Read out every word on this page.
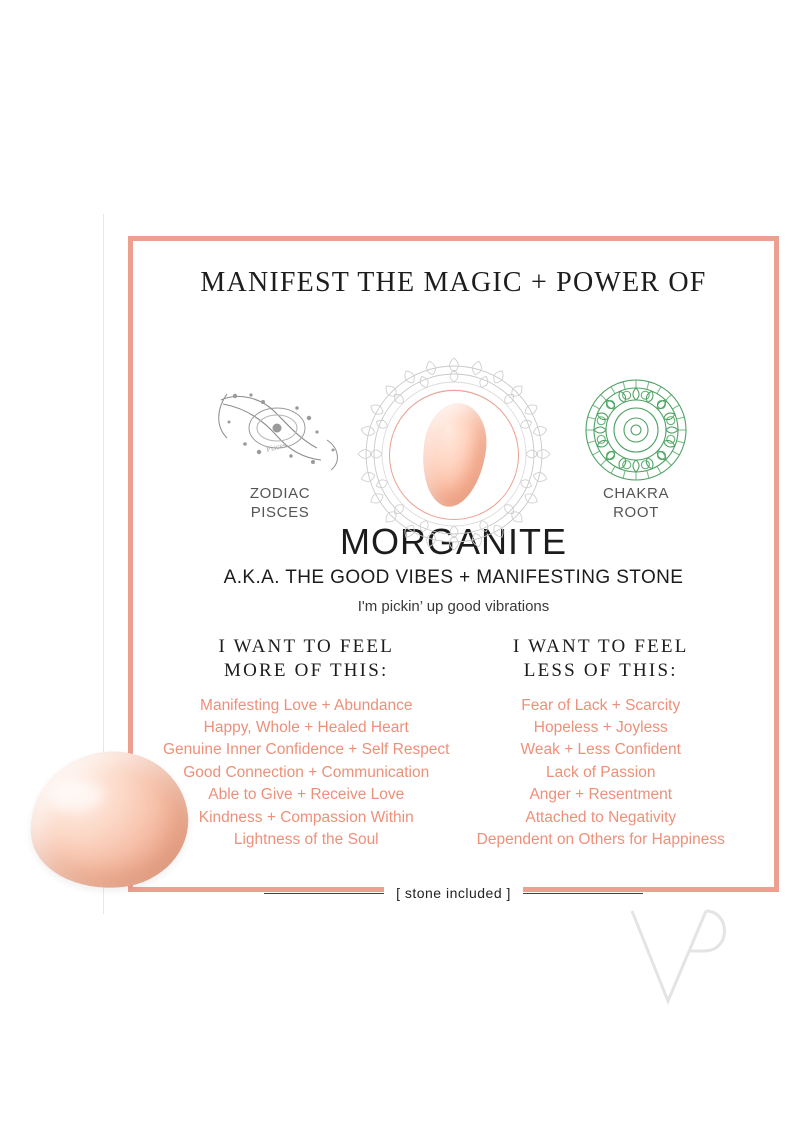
MANIFEST THE MAGIC + POWER OF
Pisces
ZODIAC
PISCES
CHAKRA
ROOT
MORGANITE
A.K.A. THE GOOD VIBES + MANIFESTING STONE
I'm pickin’ up good vibrations
I WANT TO FEEL
MORE OF THIS:
Manifesting Love + Abundance
Happy, Whole + Healed Heart
Genuine Inner Confidence + Self Respect
Good Connection + Communication
Able to Give + Receive Love
Kindness + Compassion Within
Lightness of the Soul
I WANT TO FEEL
LESS OF THIS:
Fear of Lack + Scarcity
Hopeless + Joyless
Weak + Less Confident
Lack of Passion
Anger + Resentment
Attached to Negativity
Dependent on Others for Happiness
[ stone included ]
